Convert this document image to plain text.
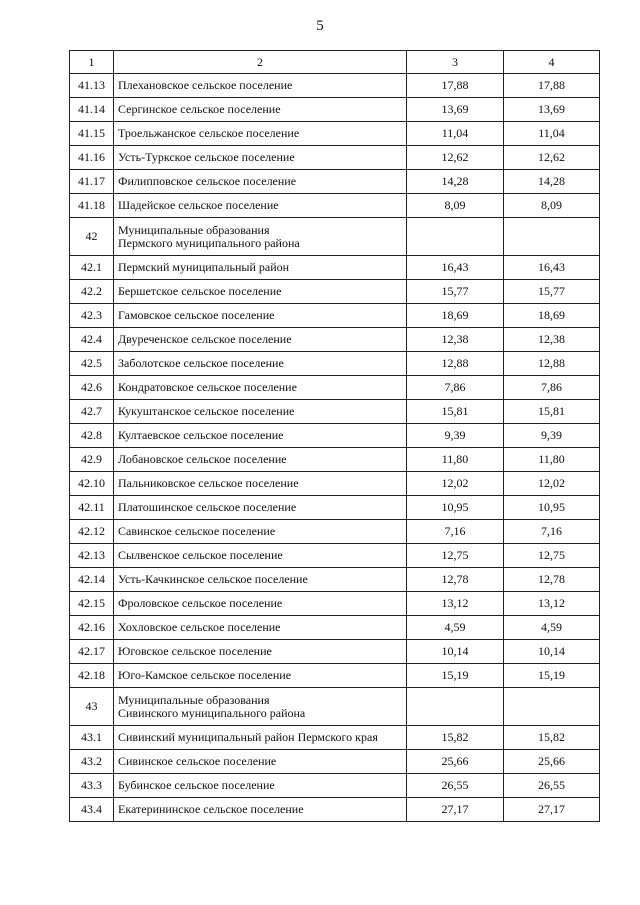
5
1	2	3	4
41.13	Плехановское сельское поселение	17,88	17,88
41.14	Сергинское сельское поселение	13,69	13,69
41.15	Троельжанское сельское поселение	11,04	11,04
41.16	Усть-Туркское сельское поселение	12,62	12,62
41.17	Филипповское сельское поселение	14,28	14,28
41.18	Шадейское сельское поселение	8,09	8,09
42	Муниципальные образования
Пермского муниципального района		

42.1	Пермский муниципальный район	16,43	16,43
42.2	Бершетское сельское поселение	15,77	15,77
42.3	Гамовское сельское поселение	18,69	18,69
42.4	Двуреченское сельское поселение	12,38	12,38
42.5	Заболотское сельское поселение	12,88	12,88
42.6	Кондратовское сельское поселение	7,86	7,86
42.7	Кукуштанское сельское поселение	15,81	15,81
42.8	Култаевское сельское поселение	9,39	9,39
42.9	Лобановское сельское поселение	11,80	11,80
42.10	Пальниковское сельское поселение	12,02	12,02
42.11	Платошинское сельское поселение	10,95	10,95
42.12	Савинское сельское поселение	7,16	7,16
42.13	Сылвенское сельское поселение	12,75	12,75
42.14	Усть-Качкинское сельское поселение	12,78	12,78
42.15	Фроловское сельское поселение	13,12	13,12
42.16	Хохловское сельское поселение	4,59	4,59
42.17	Юговское сельское поселение	10,14	10,14
42.18	Юго-Камское сельское поселение	15,19	15,19
43	Муниципальные образования
Сивинского муниципального района		

43.1	Сивинский муниципальный район Пермского края	15,82	15,82
43.2	Сивинское сельское поселение	25,66	25,66
43.3	Бубинское сельское поселение	26,55	26,55
43.4	Екатерининское сельское поселение	27,17	27,17
